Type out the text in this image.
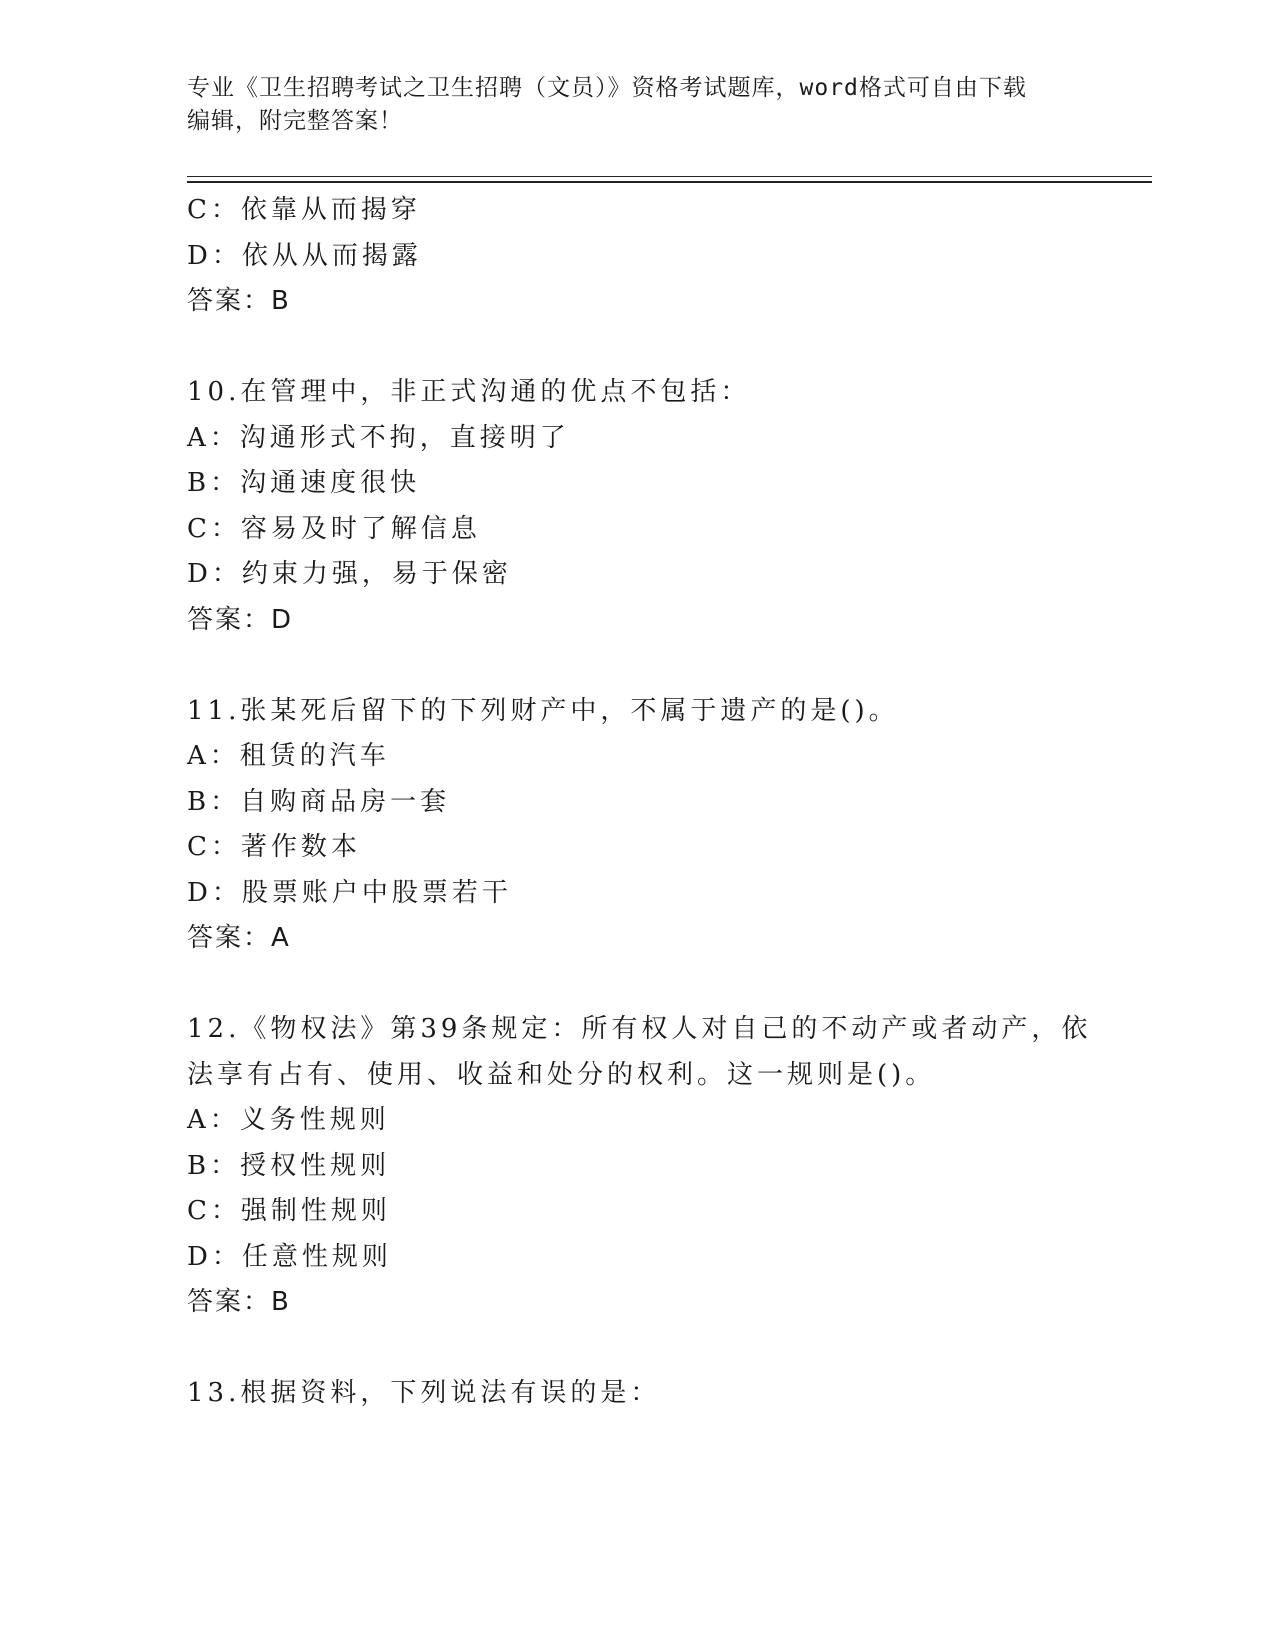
专业《卫生招聘考试之卫生招聘（文员）》资格考试题库，word格式可自由下载
编辑，附完整答案！
C：依靠从而揭穿
D：依从从而揭露
答案：B
10.在管理中，非正式沟通的优点不包括：
A：沟通形式不拘，直接明了
B：沟通速度很快
C：容易及时了解信息
D：约束力强，易于保密
答案：D
11.张某死后留下的下列财产中，不属于遗产的是()。
A：租赁的汽车
B：自购商品房一套
C：著作数本
D：股票账户中股票若干
答案：A
12.《物权法》第39条规定：所有权人对自己的不动产或者动产，依
法享有占有、使用、收益和处分的权利。这一规则是()。
A：义务性规则
B：授权性规则
C：强制性规则
D：任意性规则
答案：B
13.根据资料，下列说法有误的是：
